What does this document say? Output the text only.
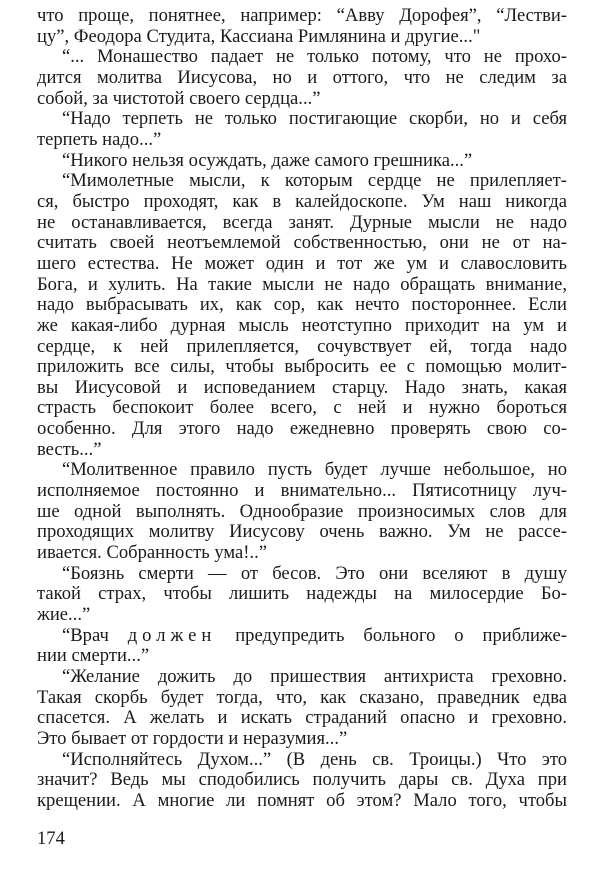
что проще, понятнее, например: “Авву Дорофея”, “Лестви-
цу”, Феодора Студита, Кассиана Римлянина и другие..."
“... Монашество падает не только потому, что не прохо-
дится молитва Иисусова, но и оттого, что не следим за
собой, за чистотой своего сердца...”
“Надо терпеть не только постигающие скорби, но и себя
терпеть надо...”
“Никого нельзя осуждать, даже самого грешника...”
“Мимолетные мысли, к которым сердце не прилепляет-
ся, быстро проходят, как в калейдоскопе. Ум наш никогда
не останавливается, всегда занят. Дурные мысли не надо
считать своей неотъемлемой собственностью, они не от на-
шего естества. Не может один и тот же ум и славословить
Бога, и хулить. На такие мысли не надо обращать внимание,
надо выбрасывать их, как сор, как нечто постороннее. Если
же какая-либо дурная мысль неотступно приходит на ум и
сердце, к ней прилепляется, сочувствует ей, тогда надо
приложить все силы, чтобы выбросить ее с помощью молит-
вы Иисусовой и исповеданием старцу. Надо знать, какая
страсть беспокоит более всего, с ней и нужно бороться
особенно. Для этого надо ежедневно проверять свою со-
весть...”
“Молитвенное правило пусть будет лучше небольшое, но
исполняемое постоянно и внимательно... Пятисотницу луч-
ше одной выполнять. Однообразие произносимых слов для
проходящих молитву Иисусову очень важно. Ум не рассе-
ивается. Собранность ума!..”
“Боязнь смерти — от бесов. Это они вселяют в душу
такой страх, чтобы лишить надежды на милосердие Бо-
жие...”
“Врач должен предупредить больного о приближе-
нии смерти...”
“Желание дожить до пришествия антихриста греховно.
Такая скорбь будет тогда, что, как сказано, праведник едва
спасется. А желать и искать страданий опасно и греховно.
Это бывает от гордости и неразумия...”
“Исполняйтесь Духом...” (В день св. Троицы.) Что это
значит? Ведь мы сподобились получить дары св. Духа при
крещении. А многие ли помнят об этом? Мало того, чтобы
174
